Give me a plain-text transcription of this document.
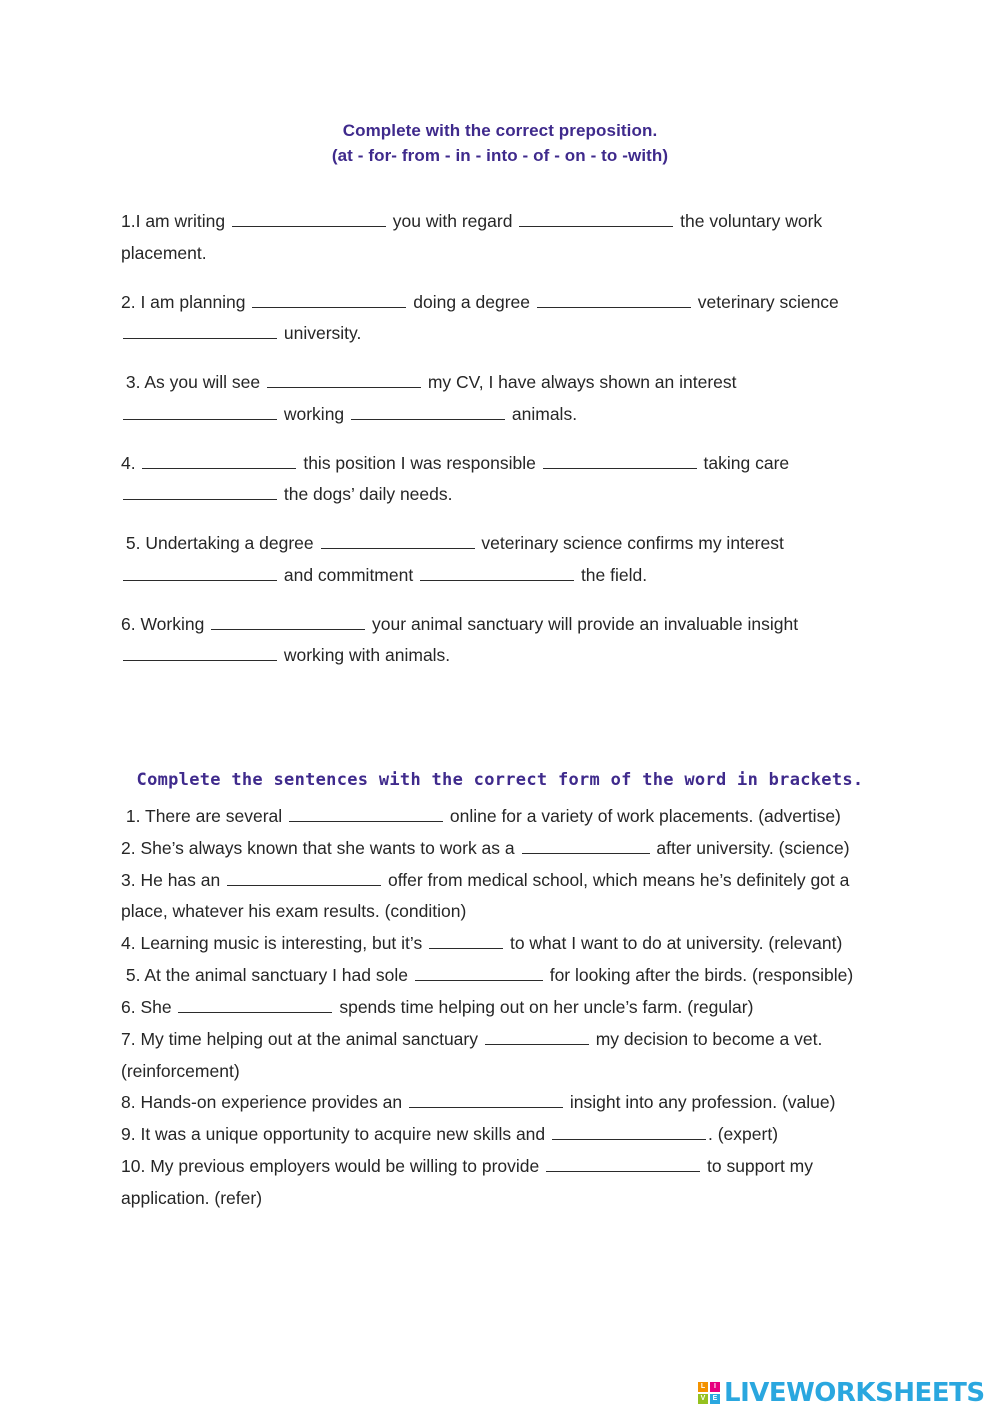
Complete with the correct preposition.
(at - for- from - in - into - of - on - to -with)
1.I am writing	you with regard	the voluntary work
placement.
2. I am planning	doing a degree	veterinary science
university.
3. As you will see	my CV, I have always shown an interest
working	animals.
4.	this position I was responsible	taking care
the dogs’ daily needs.
5. Undertaking a degree	veterinary science confirms my interest
and commitment	the field.
6. Working	your animal sanctuary will provide an invaluable insight
working with animals.
Complete the sentences with the correct form of the word in brackets.
1. There are several	online for a variety of work placements. (advertise)
2. She’s always known that she wants to work as a	after university. (science)
3. He has an	offer from medical school, which means he’s definitely got a
place, whatever his exam results. (condition)
4. Learning music is interesting, but it’s	to what I want to do at university. (relevant)
5. At the animal sanctuary I had sole	for looking after the birds. (responsible)
6. She	spends time helping out on her uncle’s farm. (regular)
7. My time helping out at the animal sanctuary	my decision to become a vet.
(reinforcement)
8. Hands-on experience provides an	insight into any profession. (value)
9. It was a unique opportunity to acquire new skills and	. (expert)
10. My previous employers would be willing to provide	to support my
application. (refer)
L	I
V	E LIVEWORKSHEETS
